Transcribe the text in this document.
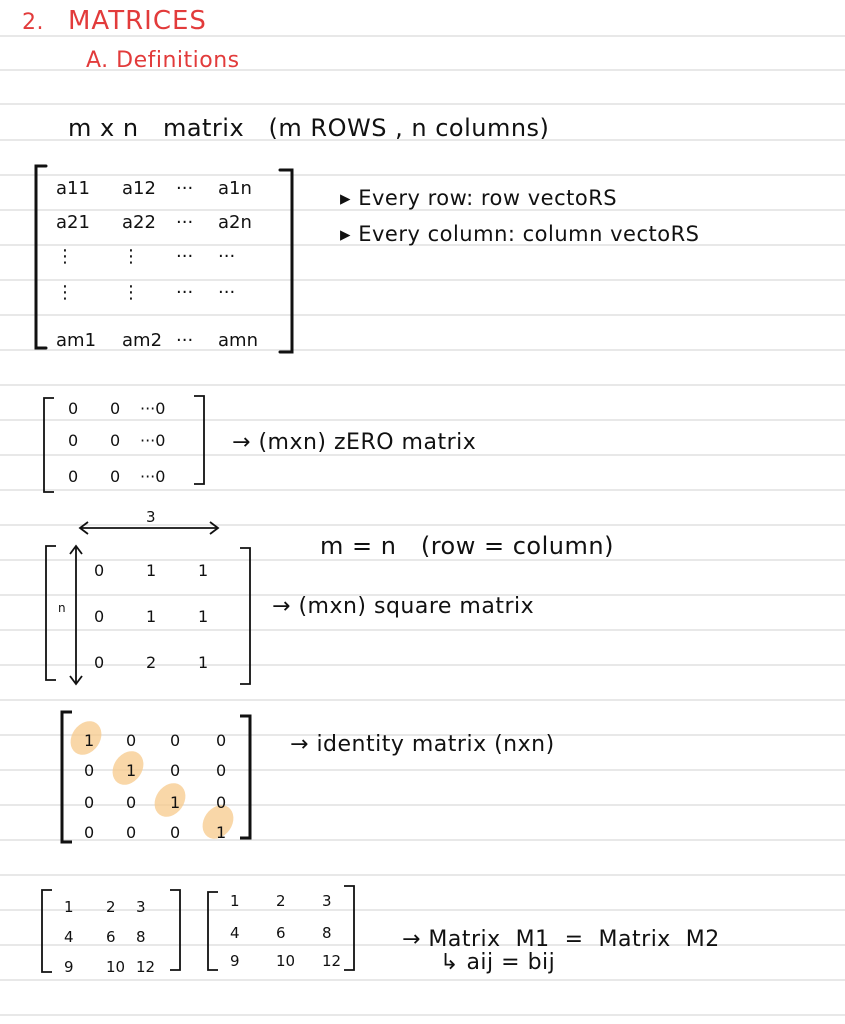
2. MATRICES
A. Definitions
m x n   matrix   (m ROWS , n columns)
▸ Every row: row vectoRS
▸ Every column: column vectoRS
→ (mxn) zERO matrix
m = n   (row = column)
→ (mxn) square matrix
→ identity matrix (nxn)

→ Matrix  M1  =  Matrix  M2

↳ aij = bij
a11 a12 ··· a1n
a21 a22 ··· a2n
⋮	⋮ ··· ···
⋮	⋮ ··· ···
am1 am2 ··· amn
0 0 ···0
0 0 ···0
0 0 ···0
3
n
0	1	1
0	1	1
0	2	1
1 0 0 0
0 1 0 0
0 0 1 0
0 0 0 1
1 2 3
4 6 8
9 10 12
1 2 3
4 6 8
9 10 12
